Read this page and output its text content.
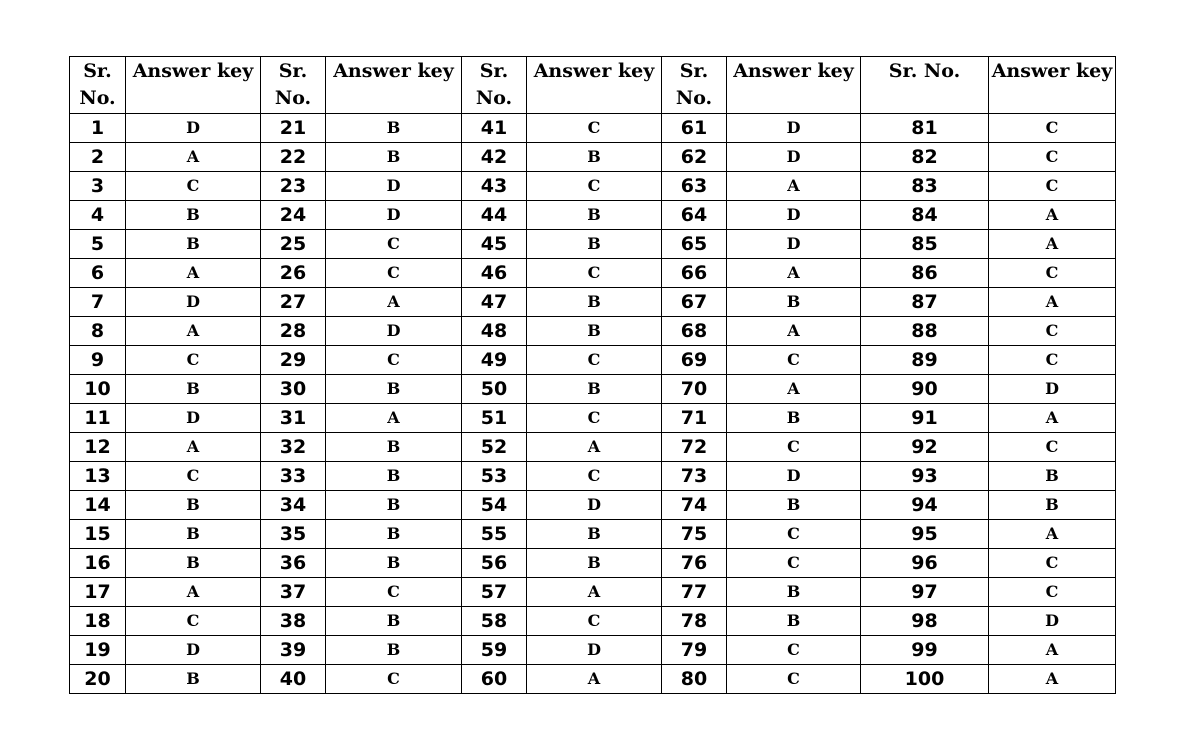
Sr. No.	Answer key	Sr. No.	Answer key	Sr. No.	Answer key	Sr. No.	Answer key	Sr. No.	Answer key
1	D	21	B	41	C	61	D	81	C
2	A	22	B	42	B	62	D	82	C
3	C	23	D	43	C	63	A	83	C
4	B	24	D	44	B	64	D	84	A
5	B	25	C	45	B	65	D	85	A
6	A	26	C	46	C	66	A	86	C
7	D	27	A	47	B	67	B	87	A
8	A	28	D	48	B	68	A	88	C
9	C	29	C	49	C	69	C	89	C
10	B	30	B	50	B	70	A	90	D
11	D	31	A	51	C	71	B	91	A
12	A	32	B	52	A	72	C	92	C
13	C	33	B	53	C	73	D	93	B
14	B	34	B	54	D	74	B	94	B
15	B	35	B	55	B	75	C	95	A
16	B	36	B	56	B	76	C	96	C
17	A	37	C	57	A	77	B	97	C
18	C	38	B	58	C	78	B	98	D
19	D	39	B	59	D	79	C	99	A
20	B	40	C	60	A	80	C	100	A
